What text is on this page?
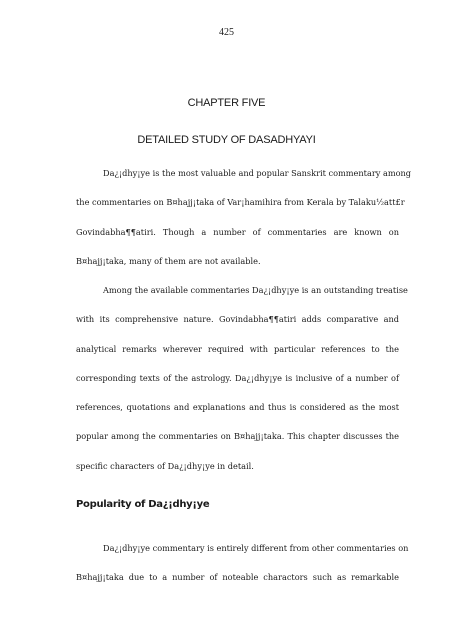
425
CHAPTER FIVE
DETAILED STUDY OF DASADHYAYI
Da¿¡dhy¡ye is the most valuable and popular Sanskrit commentary among
the commentaries on B¤hajj¡taka of Var¡hamihira from Kerala by Talaku½att£r
Govindabha¶¶atiri. Though a number of commentaries are known on
B¤hajj¡taka, many of them are not available.
Among the available commentaries Da¿¡dhy¡ye is an outstanding treatise
with its comprehensive nature. Govindabha¶¶atiri adds comparative and
analytical remarks wherever required with particular references to the
corresponding texts of the astrology. Da¿¡dhy¡ye is inclusive of a number of
references, quotations and explanations and thus is considered as the most
popular among the commentaries on B¤hajj¡taka. This chapter discusses the
specific characters of Da¿¡dhy¡ye in detail.
Popularity of Da¿¡dhy¡ye
Da¿¡dhy¡ye commentary is entirely different from other commentaries on
B¤hajj¡taka due to a number of noteable charactors such as remarkable
